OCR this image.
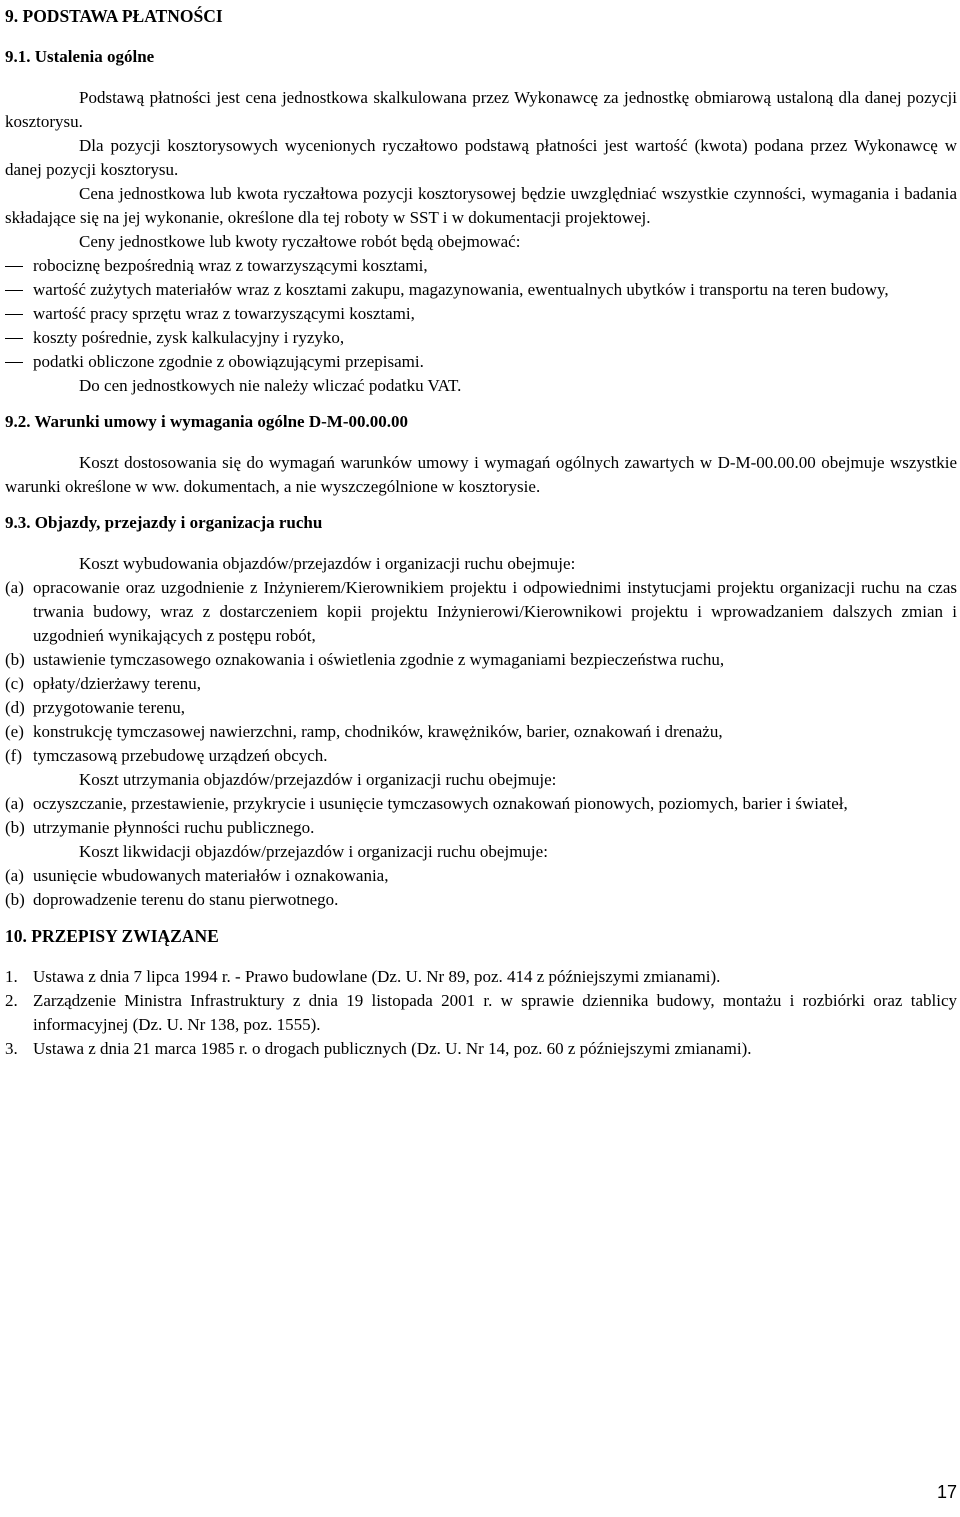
9. PODSTAWA PŁATNOŚCI
9.1. Ustalenia ogólne

Podstawą płatności jest cena jednostkowa skalkulowana przez Wykonawcę za jednostkę obmiarową ustaloną dla danej pozycji kosztorysu.

Dla pozycji kosztorysowych wycenionych ryczałtowo podstawą płatności jest wartość (kwota) podana przez Wykonawcę w danej pozycji kosztorysu.

Cena jednostkowa lub kwota ryczałtowa pozycji kosztorysowej będzie uwzględniać wszystkie czynności, wymagania i badania składające się na jej wykonanie, określone dla tej roboty w SST i w dokumentacji projektowej.

Ceny jednostkowe lub kwoty ryczałtowe robót będą obejmować:

robociznę bezpośrednią wraz z towarzyszącymi kosztami,
wartość zużytych materiałów wraz z kosztami zakupu, magazynowania, ewentualnych ubytków i transportu na teren budowy,
wartość pracy sprzętu wraz z towarzyszącymi kosztami,
koszty pośrednie, zysk kalkulacyjny i ryzyko,
podatki obliczone zgodnie z obowiązującymi przepisami.

Do cen jednostkowych nie należy wliczać podatku VAT.

9.2. Warunki umowy i wymagania ogólne D-M-00.00.00

Koszt dostosowania się do wymagań warunków umowy i wymagań ogólnych zawartych w D-M-00.00.00 obejmuje wszystkie warunki określone w ww. dokumentach, a nie wyszczególnione w kosztorysie.

9.3. Objazdy, przejazdy i organizacja ruchu

Koszt wybudowania objazdów/przejazdów i organizacji ruchu obejmuje:

(a) opracowanie oraz uzgodnienie z Inżynierem/Kierownikiem projektu i odpowiednimi instytucjami projektu organizacji ruchu na czas trwania budowy, wraz z dostarczeniem kopii projektu Inżynierowi/Kierownikowi projektu i wprowadzaniem dalszych zmian i uzgodnień wynikających z postępu robót,
(b) ustawienie tymczasowego oznakowania i oświetlenia zgodnie z wymaganiami bezpieczeństwa ruchu,
(c) opłaty/dzierżawy terenu,
(d) przygotowanie terenu,
(e) konstrukcję tymczasowej nawierzchni, ramp, chodników, krawężników, barier, oznakowań i drenażu,
(f) tymczasową przebudowę urządzeń obcych.

Koszt utrzymania objazdów/przejazdów i organizacji ruchu obejmuje:

(a) oczyszczanie, przestawienie, przykrycie i usunięcie tymczasowych oznakowań pionowych, poziomych, barier i świateł,
(b) utrzymanie płynności ruchu publicznego.

Koszt likwidacji objazdów/przejazdów i organizacji ruchu obejmuje:

(a) usunięcie wbudowanych materiałów i oznakowania,
(b) doprowadzenie terenu do stanu pierwotnego.
10. PRZEPISY ZWIĄZANE
1. Ustawa z dnia 7 lipca 1994 r. - Prawo budowlane (Dz. U. Nr 89, poz. 414 z późniejszymi zmianami).
2. Zarządzenie Ministra Infrastruktury z dnia 19 listopada 2001 r. w sprawie dziennika budowy, montażu i rozbiórki oraz tablicy informacyjnej (Dz. U. Nr 138, poz. 1555).
3. Ustawa z dnia 21 marca 1985 r. o drogach publicznych (Dz. U. Nr 14, poz. 60 z późniejszymi zmianami).
17
